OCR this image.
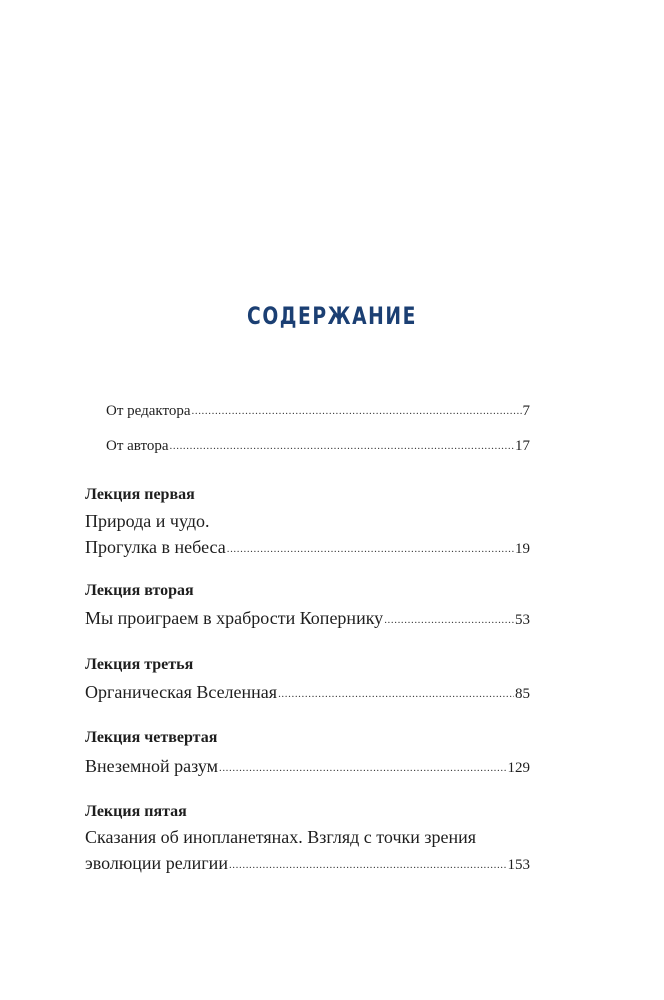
СОДЕРЖАНИЕ
От редактора .....	7
От автора .....	17
Лекция первая
Природа и чудо.
Прогулка в небеса .....	19
Лекция вторая
Мы проиграем в храбрости Копернику .....	53
Лекция третья
Органическая Вселенная .....	85
Лекция четвертая
Внеземной разум .....	129
Лекция пятая
Сказания об инопланетянах. Взгляд с точки зрения
эволюции религии .....	153
